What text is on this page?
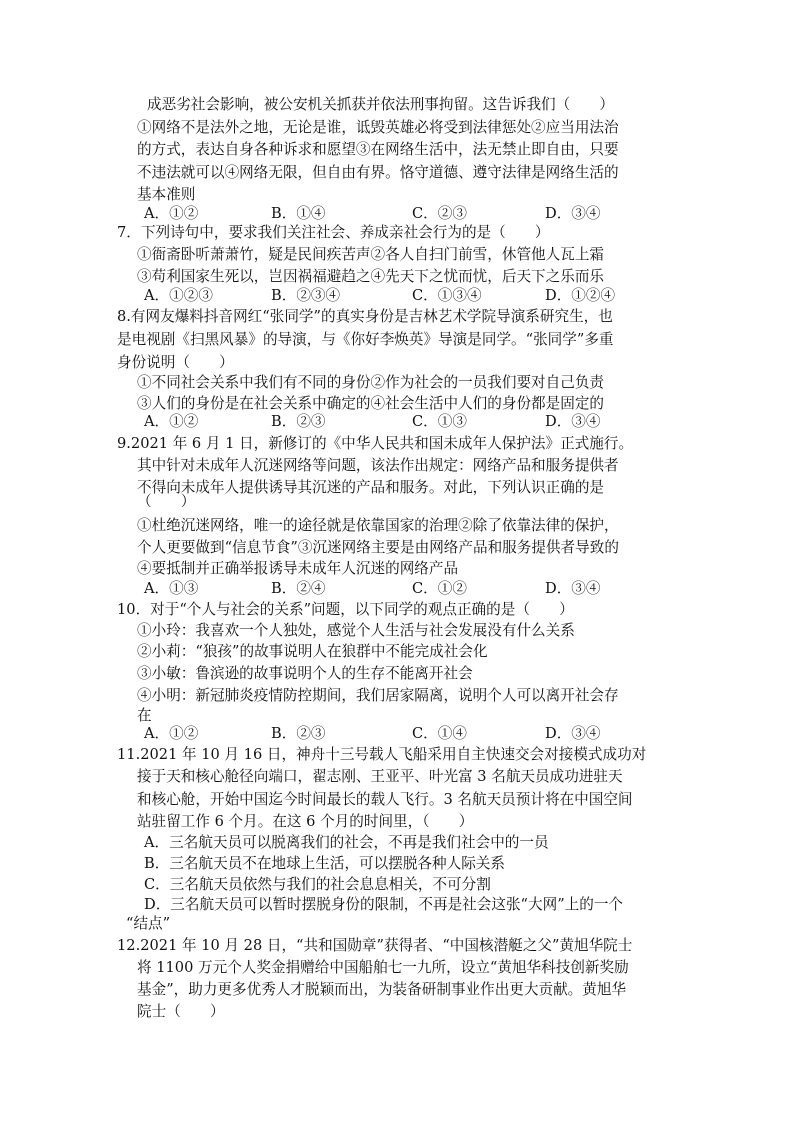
成恶劣社会影响，被公安机关抓获并依法刑事拘留。这告诉我们（　　）
①网络不是法外之地，无论是谁，诋毁英雄必将受到法律惩处②应当用法治
的方式，表达自身各种诉求和愿望③在网络生活中，法无禁止即自由，只要
不违法就可以④网络无限，但自由有界。恪守道德、遵守法律是网络生活的
基本准则
A．①②	B．①④	C．②③	D．③④
7．下列诗句中，要求我们关注社会、养成亲社会行为的是（　　）
①衙斋卧听萧萧竹，疑是民间疾苦声②各人自扫门前雪，休管他人瓦上霜
③苟利国家生死以，岂因祸福避趋之④先天下之忧而忧，后天下之乐而乐
A．①②③	B．②③④	C．①③④	D．①②④
8.有网友爆料抖音网红“张同学”的真实身份是吉林艺术学院导演系研究生，也
是电视剧《扫黑风暴》的导演，与《你好李焕英》导演是同学。“张同学”多重
身份说明（　　）
①不同社会关系中我们有不同的身份②作为社会的一员我们要对自己负责
③人们的身份是在社会关系中确定的④社会生活中人们的身份都是固定的
A．①②	B．②③	C．①③	D．③④
9.2021 年 6 月 1 日，新修订的《中华人民共和国未成年人保护法》正式施行。
其中针对未成年人沉迷网络等问题，该法作出规定：网络产品和服务提供者
不得向未成年人提供诱导其沉迷的产品和服务。对此，下列认识正确的是
（　　）
①杜绝沉迷网络，唯一的途径就是依靠国家的治理②除了依靠法律的保护，
个人更要做到“信息节食”③沉迷网络主要是由网络产品和服务提供者导致的
④要抵制并正确举报诱导未成年人沉迷的网络产品
A．①③	B．②④	C．①②	D．③④
10．对于“个人与社会的关系”问题，以下同学的观点正确的是（　　）
①小玲：我喜欢一个人独处，感觉个人生活与社会发展没有什么关系
②小莉：“狼孩”的故事说明人在狼群中不能完成社会化
③小敏：鲁滨逊的故事说明个人的生存不能离开社会
④小明：新冠肺炎疫情防控期间，我们居家隔离，说明个人可以离开社会存
在
A．①②	B．②③	C．①④	D．③④
11.2021 年 10 月 16 日，神舟十三号载人飞船采用自主快速交会对接模式成功对
接于天和核心舱径向端口，翟志刚、王亚平、叶光富 3 名航天员成功进驻天
和核心舱，开始中国迄今时间最长的载人飞行。3 名航天员预计将在中国空间
站驻留工作 6 个月。在这 6 个月的时间里，（　　）
A．三名航天员可以脱离我们的社会，不再是我们社会中的一员
B．三名航天员不在地球上生活，可以摆脱各种人际关系
C．三名航天员依然与我们的社会息息相关，不可分割
D．三名航天员可以暂时摆脱身份的限制，不再是社会这张“大网”上的一个
“结点”
12.2021 年 10 月 28 日，“共和国勋章”获得者、“中国核潜艇之父”黄旭华院士
将 1100 万元个人奖金捐赠给中国船舶七一九所，设立“黄旭华科技创新奖励
基金”，助力更多优秀人才脱颖而出，为装备研制事业作出更大贡献。黄旭华
院士（　　）
